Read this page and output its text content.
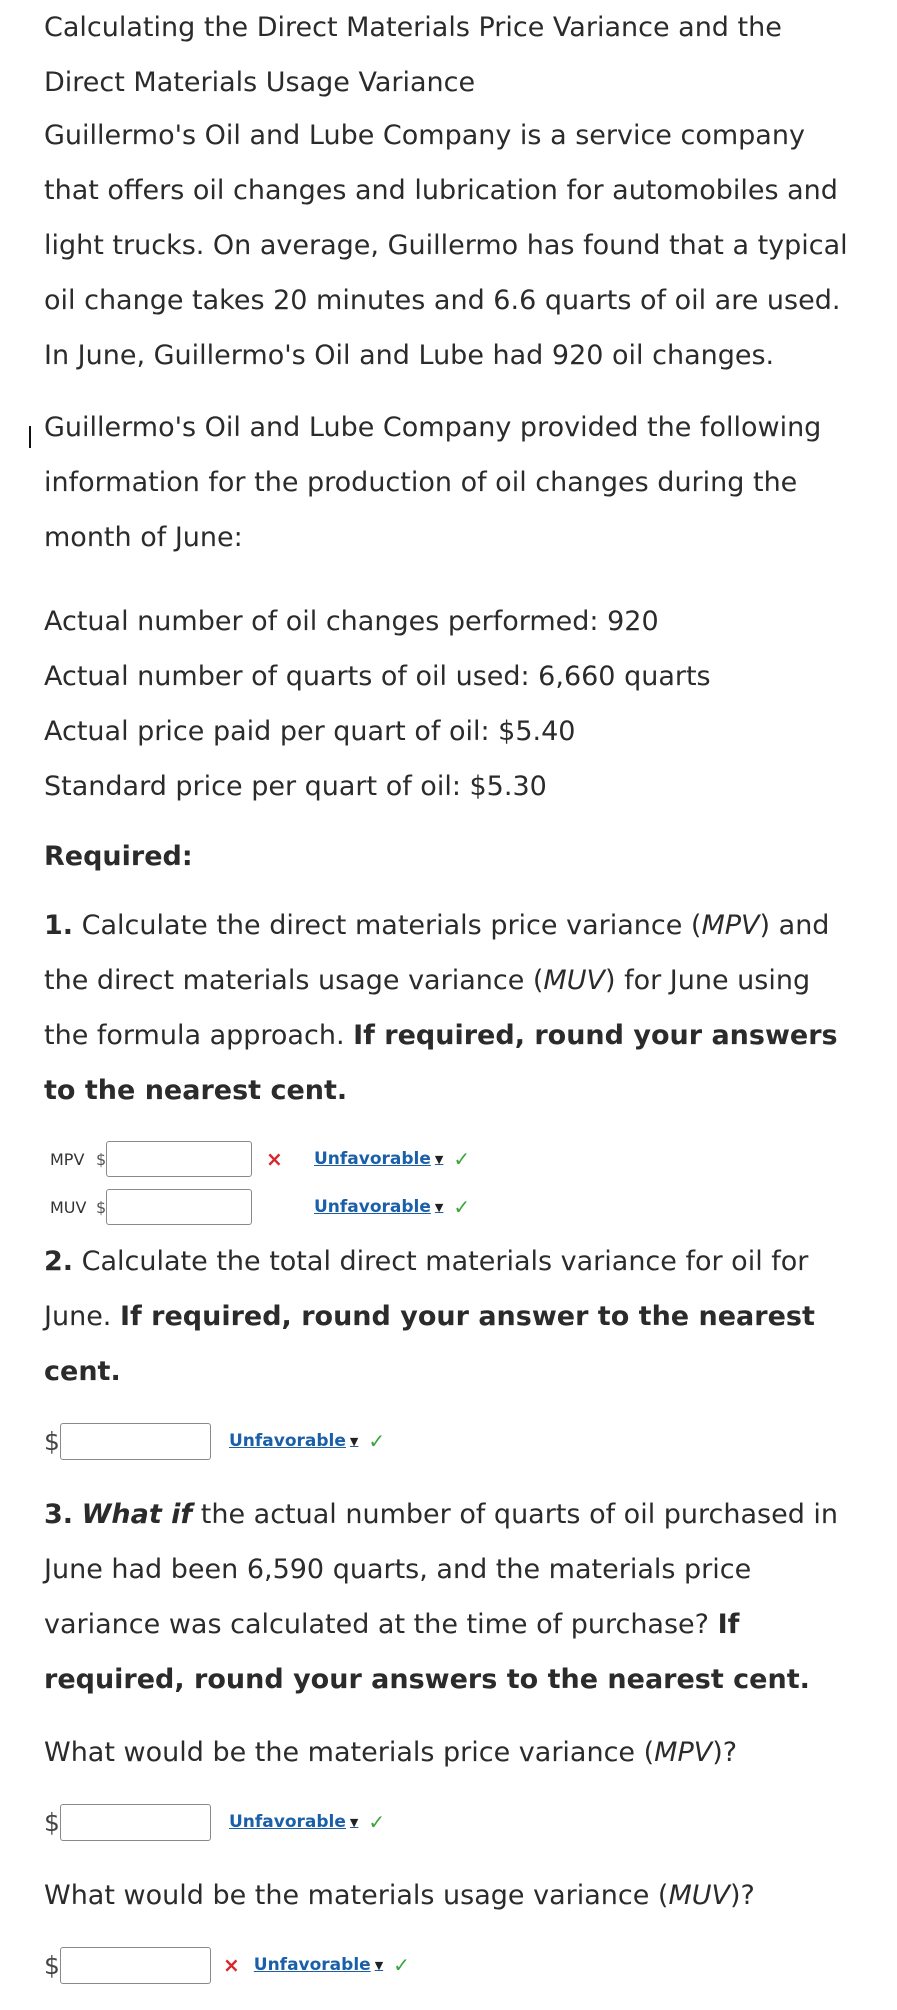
Calculating the Direct Materials Price Variance and the
Direct Materials Usage Variance
Guillermo's Oil and Lube Company is a service company
that offers oil changes and lubrication for automobiles and
light trucks. On average, Guillermo has found that a typical
oil change takes 20 minutes and 6.6 quarts of oil are used.
In June, Guillermo's Oil and Lube had 920 oil changes.
Guillermo's Oil and Lube Company provided the following
information for the production of oil changes during the
month of June:
Actual number of oil changes performed: 920
Actual number of quarts of oil used: 6,660 quarts
Actual price paid per quart of oil: $5.40
Standard price per quart of oil: $5.30
Required:
1. Calculate the direct materials price variance (MPV) and
the direct materials usage variance (MUV) for June using
the formula approach. If required, round your answers
to the nearest cent.
MPV $	× Unfavorable ▼ ✓
MUV $	Unfavorable ▼ ✓
2. Calculate the total direct materials variance for oil for
June. If required, round your answer to the nearest
cent.
$	Unfavorable ▼ ✓
3. What if the actual number of quarts of oil purchased in
June had been 6,590 quarts, and the materials price
variance was calculated at the time of purchase? If
required, round your answers to the nearest cent.
What would be the materials price variance (MPV)?
$	Unfavorable ▼ ✓
What would be the materials usage variance (MUV)?
$	× Unfavorable ▼ ✓
